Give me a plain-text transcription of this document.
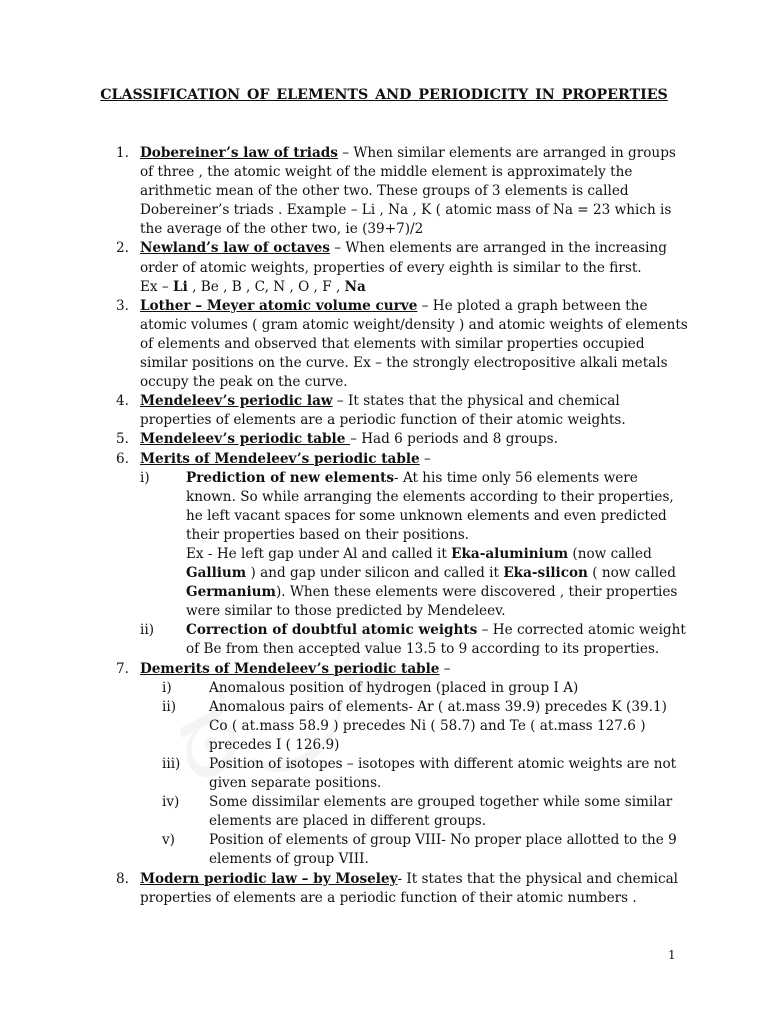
CLASSIFICATION OF ELEMENTS AND PERIODICITY IN PROPERTIES
1. Dobereiner’s law of triads – When similar elements are arranged in groups of three , the atomic weight of the middle element is approximately the arithmetic mean of the other two. These groups of 3 elements is called Dobereiner’s triads . Example – Li , Na , K ( atomic mass of Na = 23 which is the average of the other two, ie (39+7)/2
2. Newland’s law of octaves – When elements are arranged in the increasing order of atomic weights, properties of every eighth is similar to the first.
Ex – Li , Be , B , C, N , O , F , Na
3. Lother – Meyer atomic volume curve – He ploted a graph between the atomic volumes ( gram atomic weight/density ) and atomic weights of elements of elements and observed that elements with similar properties occupied similar positions on the curve. Ex – the strongly electropositive alkali metals occupy the peak on the curve.
4. Mendeleev’s periodic law – It states that the physical and chemical properties of elements are a periodic function of their atomic weights.
5. Mendeleev’s periodic table – Had 6 periods and 8 groups.
6. Merits of Mendeleev’s periodic table –
i)	Prediction of new elements- At his time only 56 elements were known. So while arranging the elements according to their properties, he left vacant spaces for some unknown elements and even predicted their properties based on their positions.
Ex - He left gap under Al and called it Eka-aluminium (now called Gallium ) and gap under silicon and called it Eka-silicon ( now called Germanium). When these elements were discovered , their properties were similar to those predicted by Mendeleev.
ii) Correction of doubtful atomic weights – He corrected atomic weight of Be from then accepted value 13.5 to 9 according to its properties.
7. Demerits of Mendeleev’s periodic table –
i)	Anomalous position of hydrogen (placed in group I A)
ii) Anomalous pairs of elements- Ar ( at.mass 39.9) precedes K (39.1) Co ( at.mass 58.9 ) precedes Ni ( 58.7) and Te ( at.mass 127.6 ) precedes I ( 126.9)
iii) Position of isotopes – isotopes with different atomic weights are not given separate positions.
iv) Some dissimilar elements are grouped together while some similar elements are placed in different groups.
v)	Position of elements of group VIII- No proper place allotted to the 9 elements of group VIII.
8. Modern periodic law – by Moseley- It states that the physical and chemical properties of elements are a periodic function of their atomic numbers .
1
